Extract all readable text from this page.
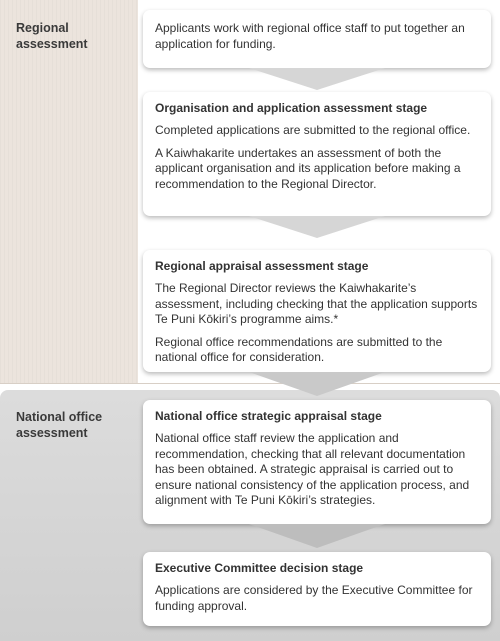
Regional assessment
National office
assessment

Applicants work with regional office staff to put together an application for funding.

Organisation and application assessment stage

Completed applications are submitted to the regional office.

A Kaiwhakarite undertakes an assessment of both the applicant organisation and its application before making a recommendation to the Regional Director.

Regional appraisal assessment stage

The Regional Director reviews the Kaiwhakarite’s assessment, including checking that the application supports Te Puni Kōkiri’s programme aims.*

Regional office recommendations are submitted to the national office for consideration.

National office strategic appraisal stage

National office staff review the application and recommendation, checking that all relevant documentation has been obtained. A strategic appraisal is carried out to ensure national consistency of the application process, and alignment with Te Puni Kōkiri’s strategies.

Executive Committee decision stage

Applications are considered by the Executive Committee for funding approval.
